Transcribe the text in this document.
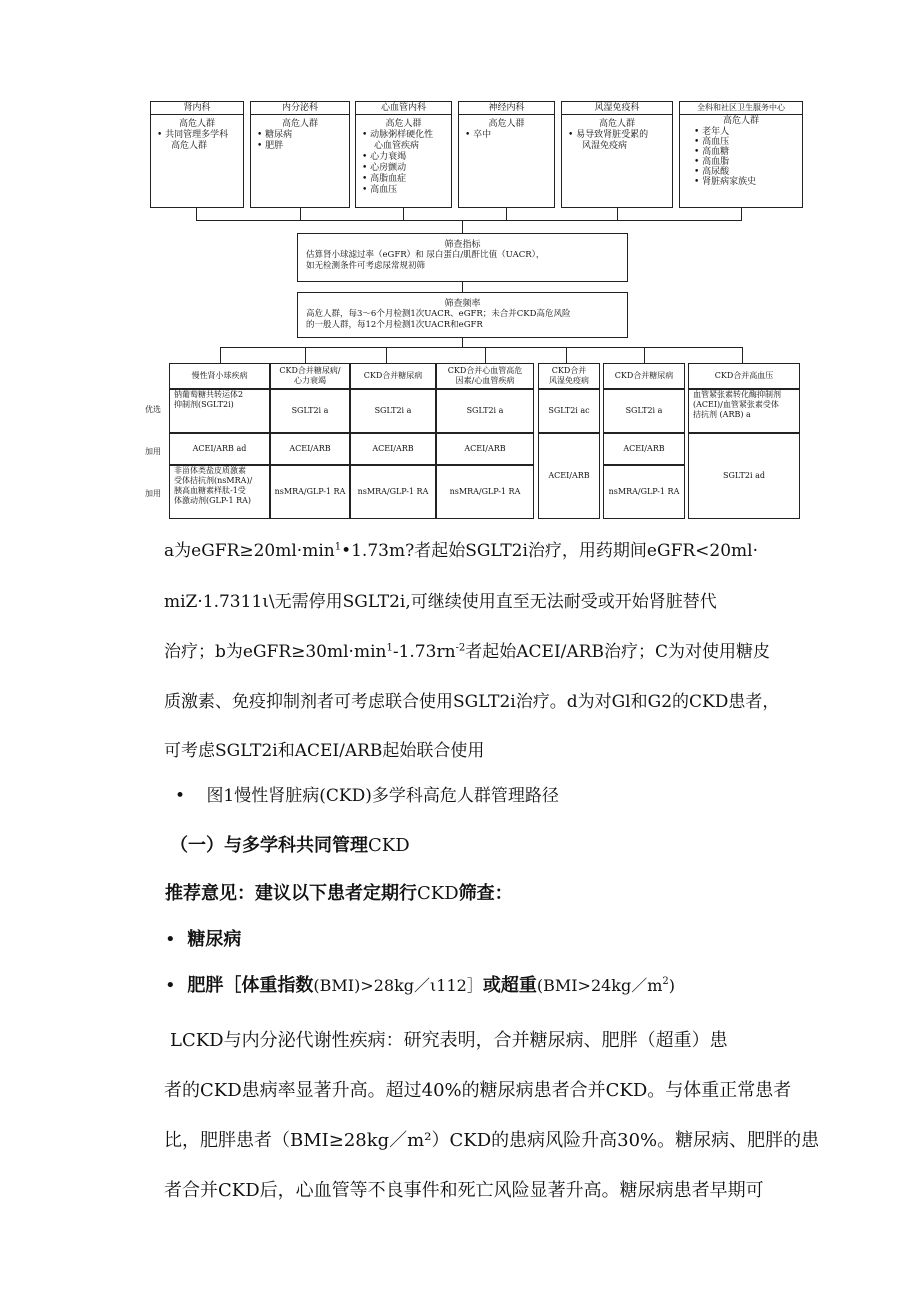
肾内科
高危人群
• 共同管理多学科
高危人群
内分泌科
高危人群
• 糖尿病
• 肥胖
心血管内科
高危人群
• 动脉粥样硬化性
心血管疾病
• 心力衰竭
• 心房颤动
• 高脂血症
• 高血压
神经内科
高危人群
• 卒中
风湿免疫科
高危人群
• 易导致肾脏受累的
风湿免疫病
全科和社区卫生服务中心
高危人群
• 老年人
• 高血压
• 高血糖
• 高血脂
• 高尿酸
• 肾脏病家族史
筛查指标
估算肾小球滤过率（eGFR）和 尿白蛋白/肌酐比值（UACR），
如无检测条件可考虑尿常规初筛
筛查频率
高危人群，每3～6个月检测1次UACR、eGFR；未合并CKD高危风险
的一般人群，每12个月检测1次UACR和eGFR
优选
加用
加用
慢性肾小球疾病
钠葡萄糖共转运体2
抑制剂(SGLT2i)
ACEI/ARB ad
非甾体类盐皮质激素
受体拮抗剂(nsMRA)/
胰高血糖素样肽-1受
体激动剂(GLP-1 RA)
CKD合并糖尿病/
心力衰竭
SGLT2i a
ACEI/ARB
nsMRA/GLP-1 RA
CKD合并糖尿病
SGLT2i a
ACEI/ARB
nsMRA/GLP-1 RA
CKD合并心血管高危
因素/心血管疾病
SGLT2i a
ACEI/ARB
nsMRA/GLP-1 RA
CKD合并
风湿免疫病
SGLT2i ac
ACEI/ARB
CKD合并糖尿病
SGLT2i a
ACEI/ARB
nsMRA/GLP-1 RA
CKD合并高血压
血管紧张素转化酶抑制剂
(ACEI)/血管紧张素受体
拮抗剂 (ARB) a
SGLT2i ad
a为$eGFR\ge 20ml\cdot\min^1•1.73m$?者起始SGLT2i治疗，用药期间eGFR<20ml·
miZ·1.7311ι\无需停用SGLT2i,可继续使用直至无法耐受或开始肾脏替代
治疗；b为$eGFR\ge 30ml\cdot\min^1-1.73rn^{-2}$者起始ACEI/ARB治疗；C为对使用糖皮
质激素、免疫抑制剂者可考虑联合使用SGLT2i治疗。d为对Gl和G2的CKD患者，
可考虑SGLT2i和ACEI/ARB起始联合使用
• 图1慢性肾脏病(CKD)多学科高危人群管理路径
（一）与多学科共同管理CKD
推荐意见：建议以下患者定期行CKD筛查：
• 糖尿病
• 肥胖［体重指数(BMI)>28kg／ι112］或超重$(BMI>24kg/m^2)$
LCKD与内分泌代谢性疾病：研究表明，合并糖尿病、肥胖（超重）患
者的CKD患病率显著升高。超过40%的糖尿病患者合并CKD。与体重正常患者
比，肥胖患者（BMI≥28kg／m²）CKD的患病风险升高30%。糖尿病、肥胖的患
者合并CKD后，心血管等不良事件和死亡风险显著升高。糖尿病患者早期可
